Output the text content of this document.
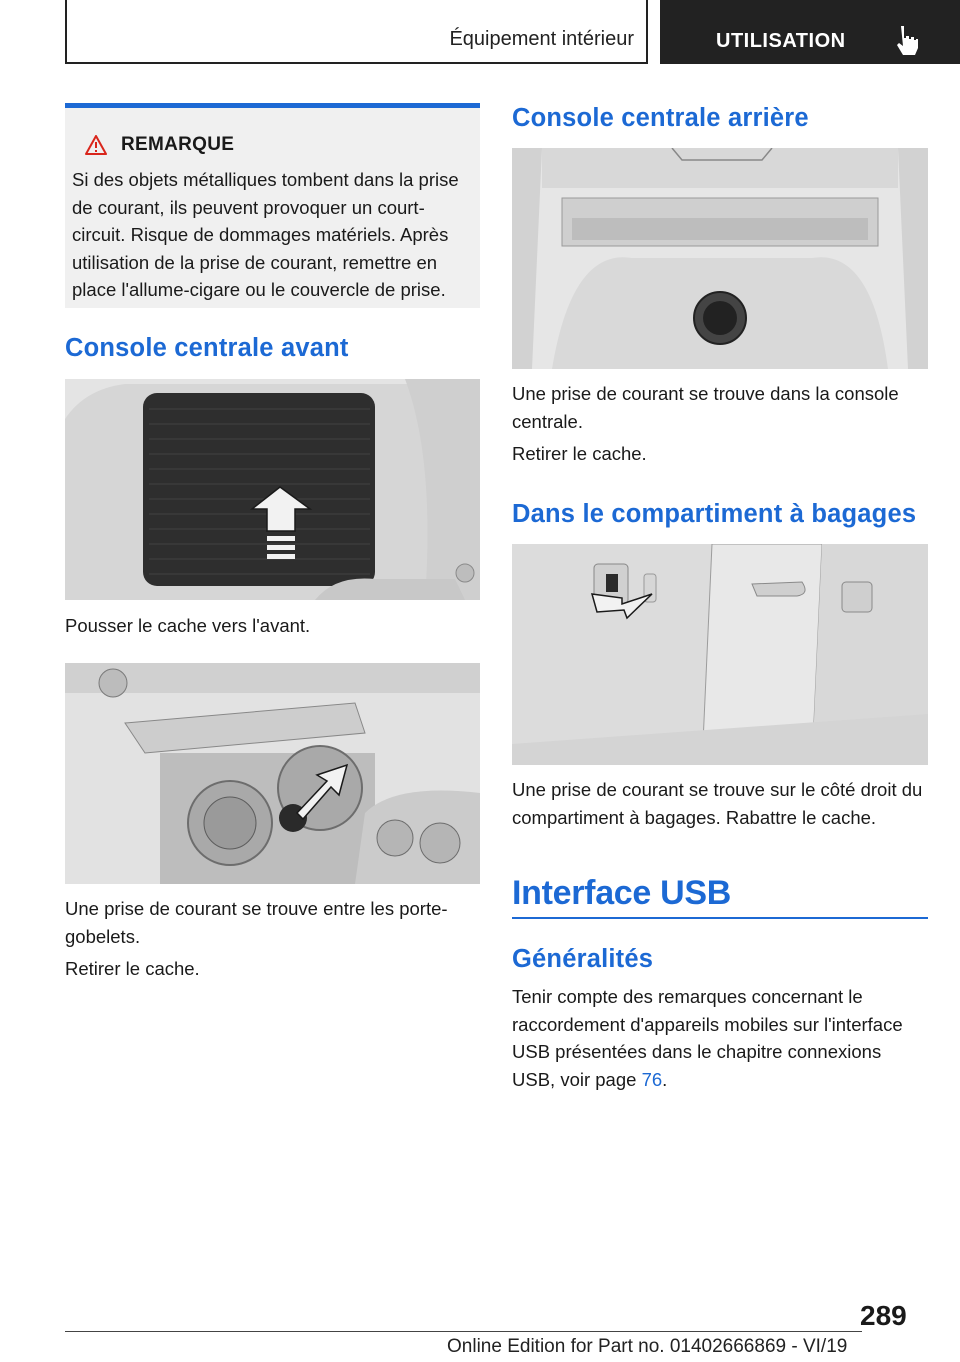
Équipement intérieur	UTILISATION
REMARQUE

Si des objets métalliques tombent dans la prise de courant, ils peuvent provoquer un court-circuit. Risque de dommages matériels. Après utilisation de la prise de courant, remettre en place l'allume-cigare ou le couvercle de prise.

Console centrale avant

Pousser le cache vers l'avant.

Une prise de courant se trouve entre les porte-gobelets.

Retirer le cache.

Console centrale arrière

Une prise de courant se trouve dans la console centrale.

Retirer le cache.

Dans le compartiment à bagages

Une prise de courant se trouve sur le côté droit du compartiment à bagages. Rabattre le cache.

Interface USB
Généralités

Tenir compte des remarques concernant le raccordement d'appareils mobiles sur l'interface USB présentées dans le chapitre connexions USB, voir page 76.

289
Online Edition for Part no. 01402666869 - VI/19
